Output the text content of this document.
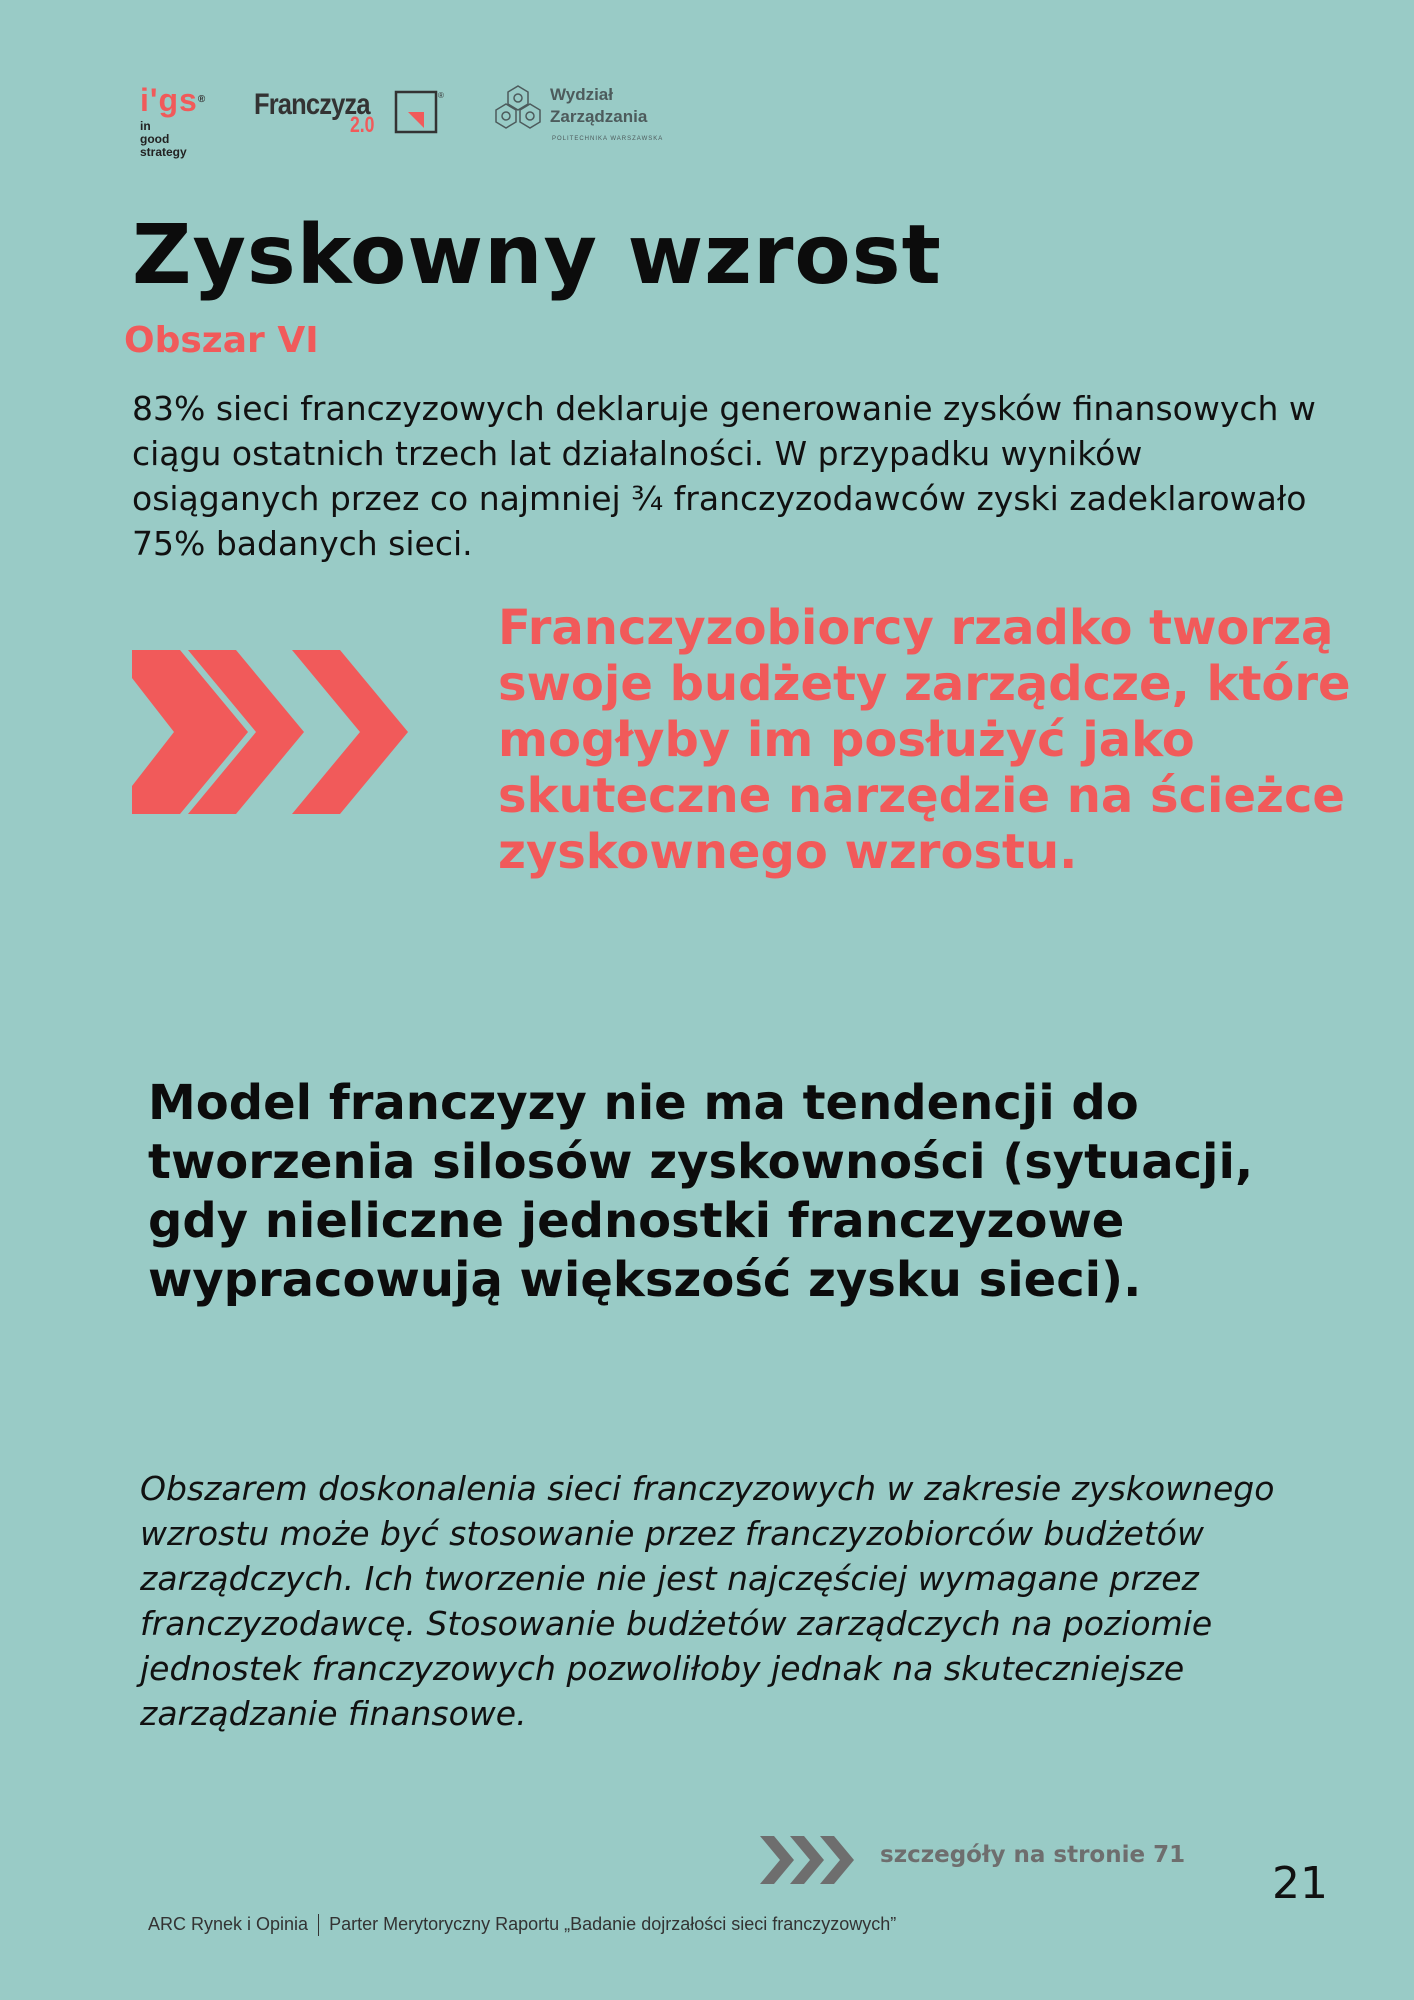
i'gs®
in
good
strategy
Franczyza
2.0
®	Wydział
Zarządzania
POLITECHNIKA WARSZAWSKA
Zyskowny wzrost
Obszar VI

83% sieci franczyzowych deklaruje generowanie zysków finansowych w ciągu ostatnich trzech lat działalności. W przypadku wyników osiąganych przez co najmniej ¾ franczyzodawców zyski zadeklarowało 75% badanych sieci.

Franczyzobiorcy rzadko tworzą swoje budżety zarządcze, które mogłyby im posłużyć jako skuteczne narzędzie na ścieżce zyskownego wzrostu.

Model franczyzy nie ma tendencji do tworzenia silosów zyskowności (sytuacji, gdy nieliczne jednostki franczyzowe wypracowują większość zysku sieci).

Obszarem doskonalenia sieci franczyzowych w zakresie zyskownego wzrostu może być stosowanie przez franczyzobiorców budżetów zarządczych. Ich tworzenie nie jest najczęściej wymagane przez franczyzodawcę. Stosowanie budżetów zarządczych na poziomie jednostek franczyzowych pozwoliłoby jednak na skuteczniejsze zarządzanie finansowe.

szczegóły na stronie 71

21

ARC Rynek i Opinia Parter Merytoryczny Raportu „Badanie dojrzałości sieci franczyzowych”
